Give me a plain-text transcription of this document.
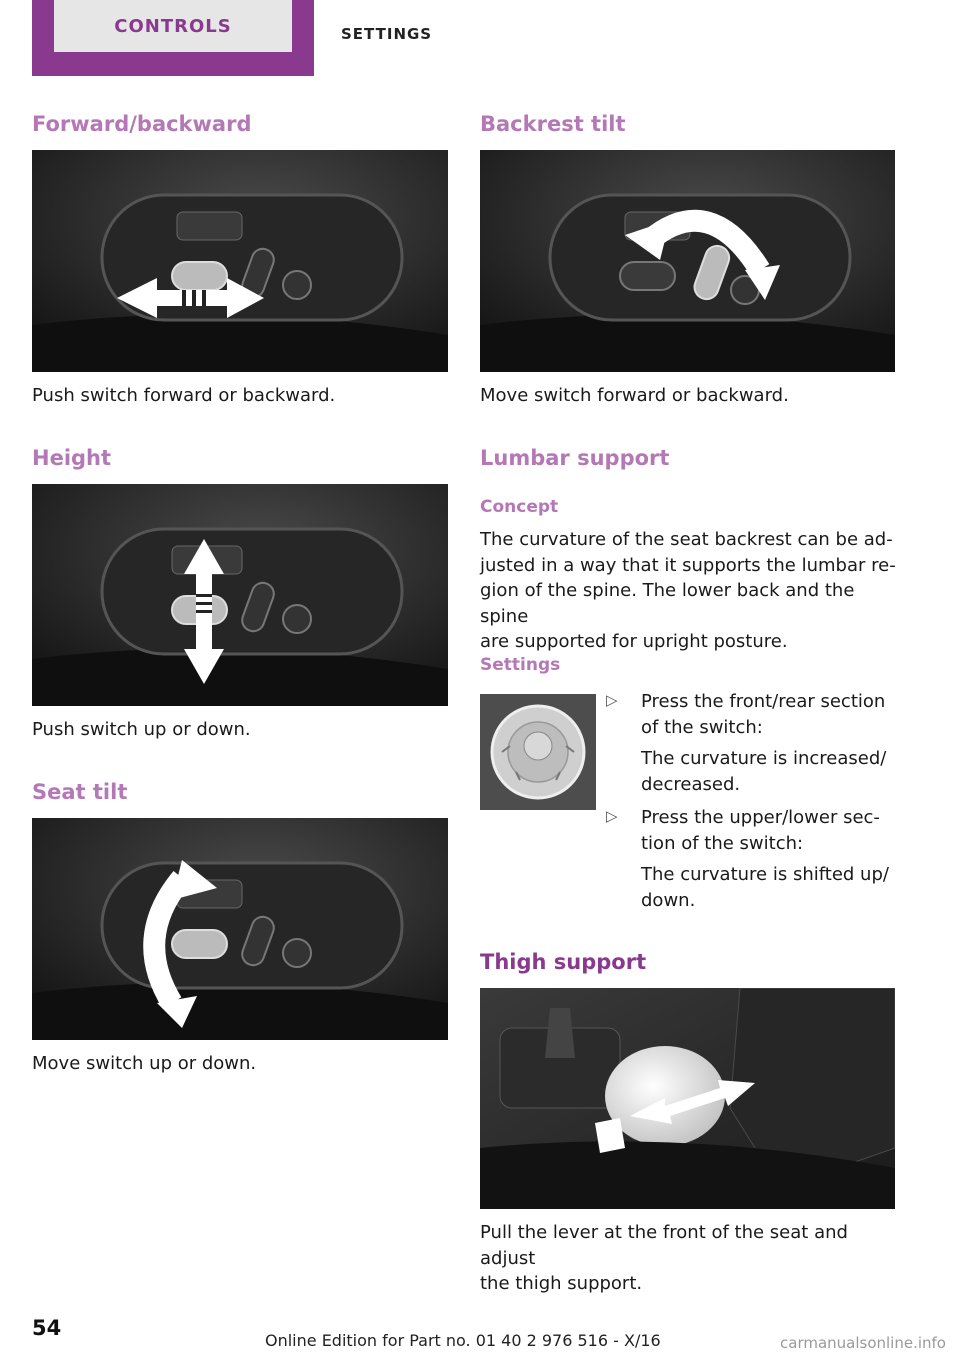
CONTROLS	SETTINGS
Forward/backward

Push switch forward or backward.

Height

Push switch up or down.

Seat tilt

Move switch up or down.

Backrest tilt

Move switch forward or backward.

Lumbar support
Concept
The curvature of the seat backrest can be ad‐
justed in a way that it supports the lumbar re‐
gion of the spine. The lower back and the spine
are supported for upright posture.
Settings
▷ Press the front/rear section
of the switch:
The curvature is increased/
decreased.
▷ Press the upper/lower sec‐
tion of the switch:
The curvature is shifted up/
down.
Thigh support
Pull the lever at the front of the seat and adjust
the thigh support.
54
Online Edition for Part no. 01 40 2 976 516 - X/16	carmanualsonline.info
